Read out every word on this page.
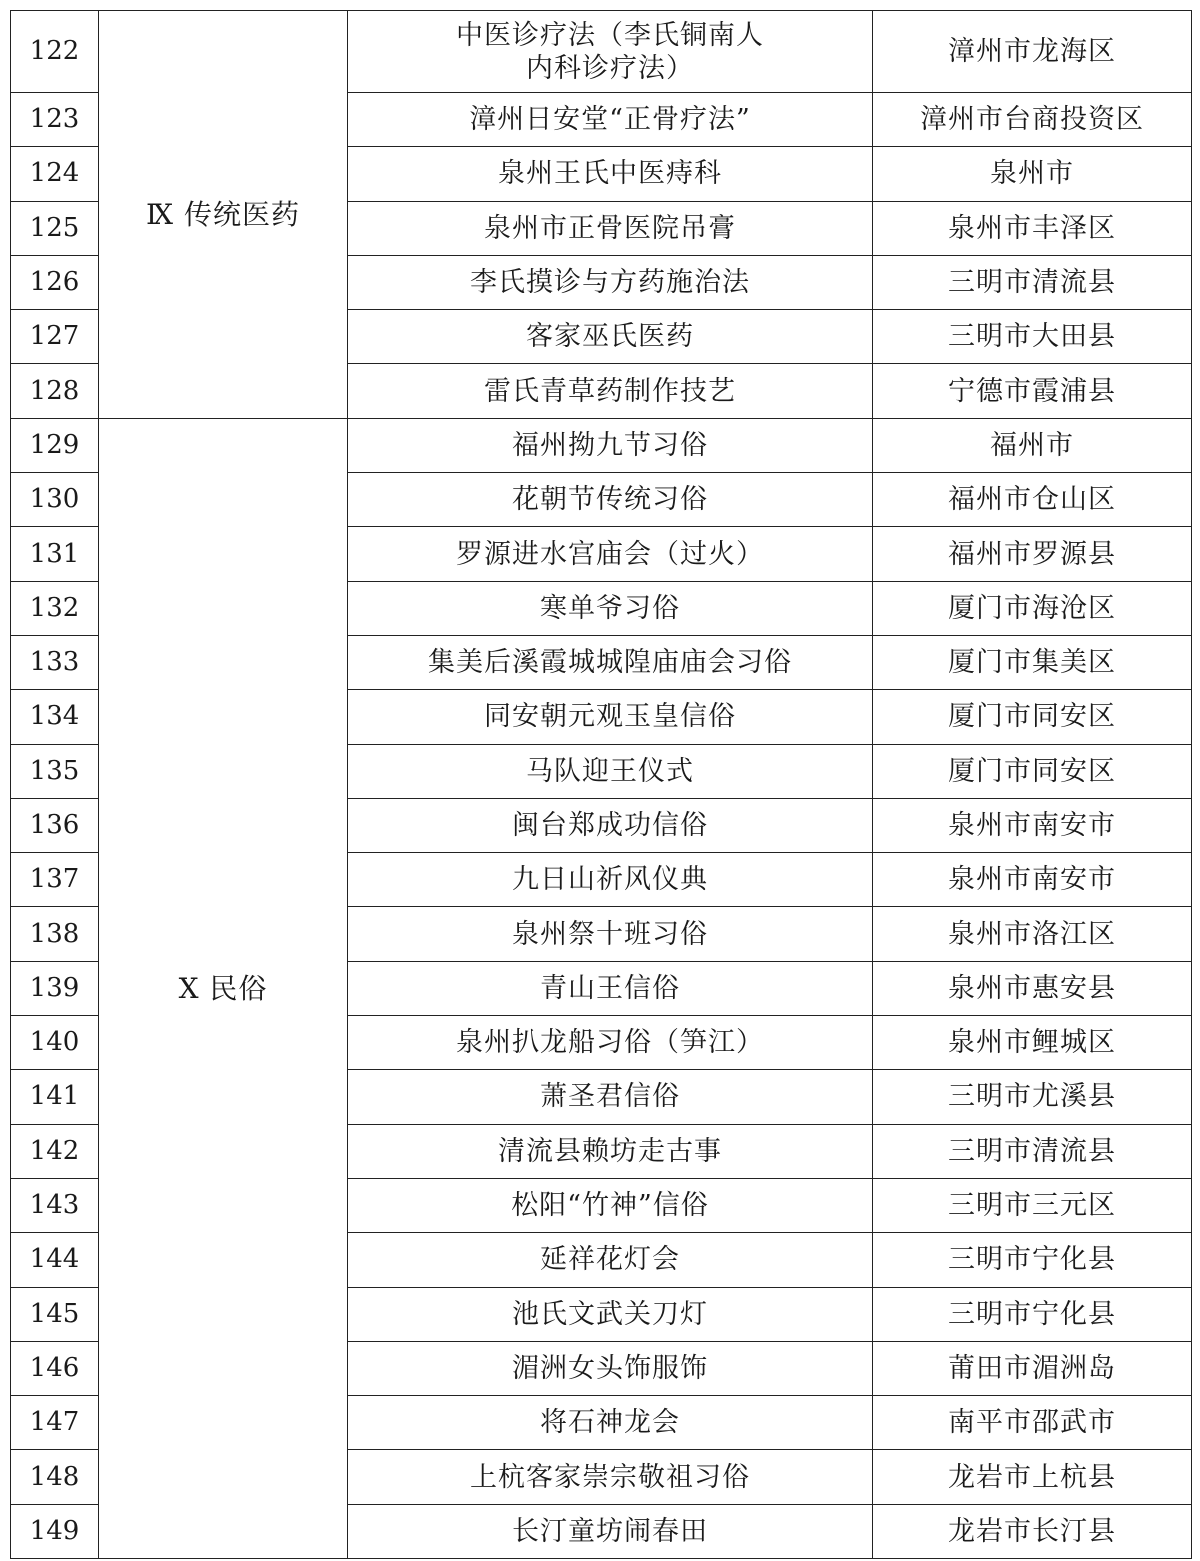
122	Ⅸ 传统医药	中医诊疗法（李氏铜南人
内科诊疗法）	漳州市龙海区
123		漳州日安堂“正骨疗法”	漳州市台商投资区
124		泉州王氏中医痔科	泉州市
125		泉州市正骨医院吊膏	泉州市丰泽区
126		李氏摸诊与方药施治法	三明市清流县
127		客家巫氏医药	三明市大田县
128		雷氏青草药制作技艺	宁德市霞浦县
129	Ⅹ 民俗	福州拗九节习俗	福州市
130		花朝节传统习俗	福州市仓山区
131		罗源进水宫庙会（过火）	福州市罗源县
132		寒单爷习俗	厦门市海沧区
133		集美后溪霞城城隍庙庙会习俗	厦门市集美区
134		同安朝元观玉皇信俗	厦门市同安区
135		马队迎王仪式	厦门市同安区
136		闽台郑成功信俗	泉州市南安市
137		九日山祈风仪典	泉州市南安市
138		泉州祭十班习俗	泉州市洛江区
139		青山王信俗	泉州市惠安县
140		泉州扒龙船习俗（笋江）	泉州市鲤城区
141		萧圣君信俗	三明市尤溪县
142		清流县赖坊走古事	三明市清流县
143		松阳“竹神”信俗	三明市三元区
144		延祥花灯会	三明市宁化县
145		池氏文武关刀灯	三明市宁化县
146		湄洲女头饰服饰	莆田市湄洲岛
147		将石神龙会	南平市邵武市
148		上杭客家崇宗敬祖习俗	龙岩市上杭县
149		长汀童坊闹春田	龙岩市长汀县
